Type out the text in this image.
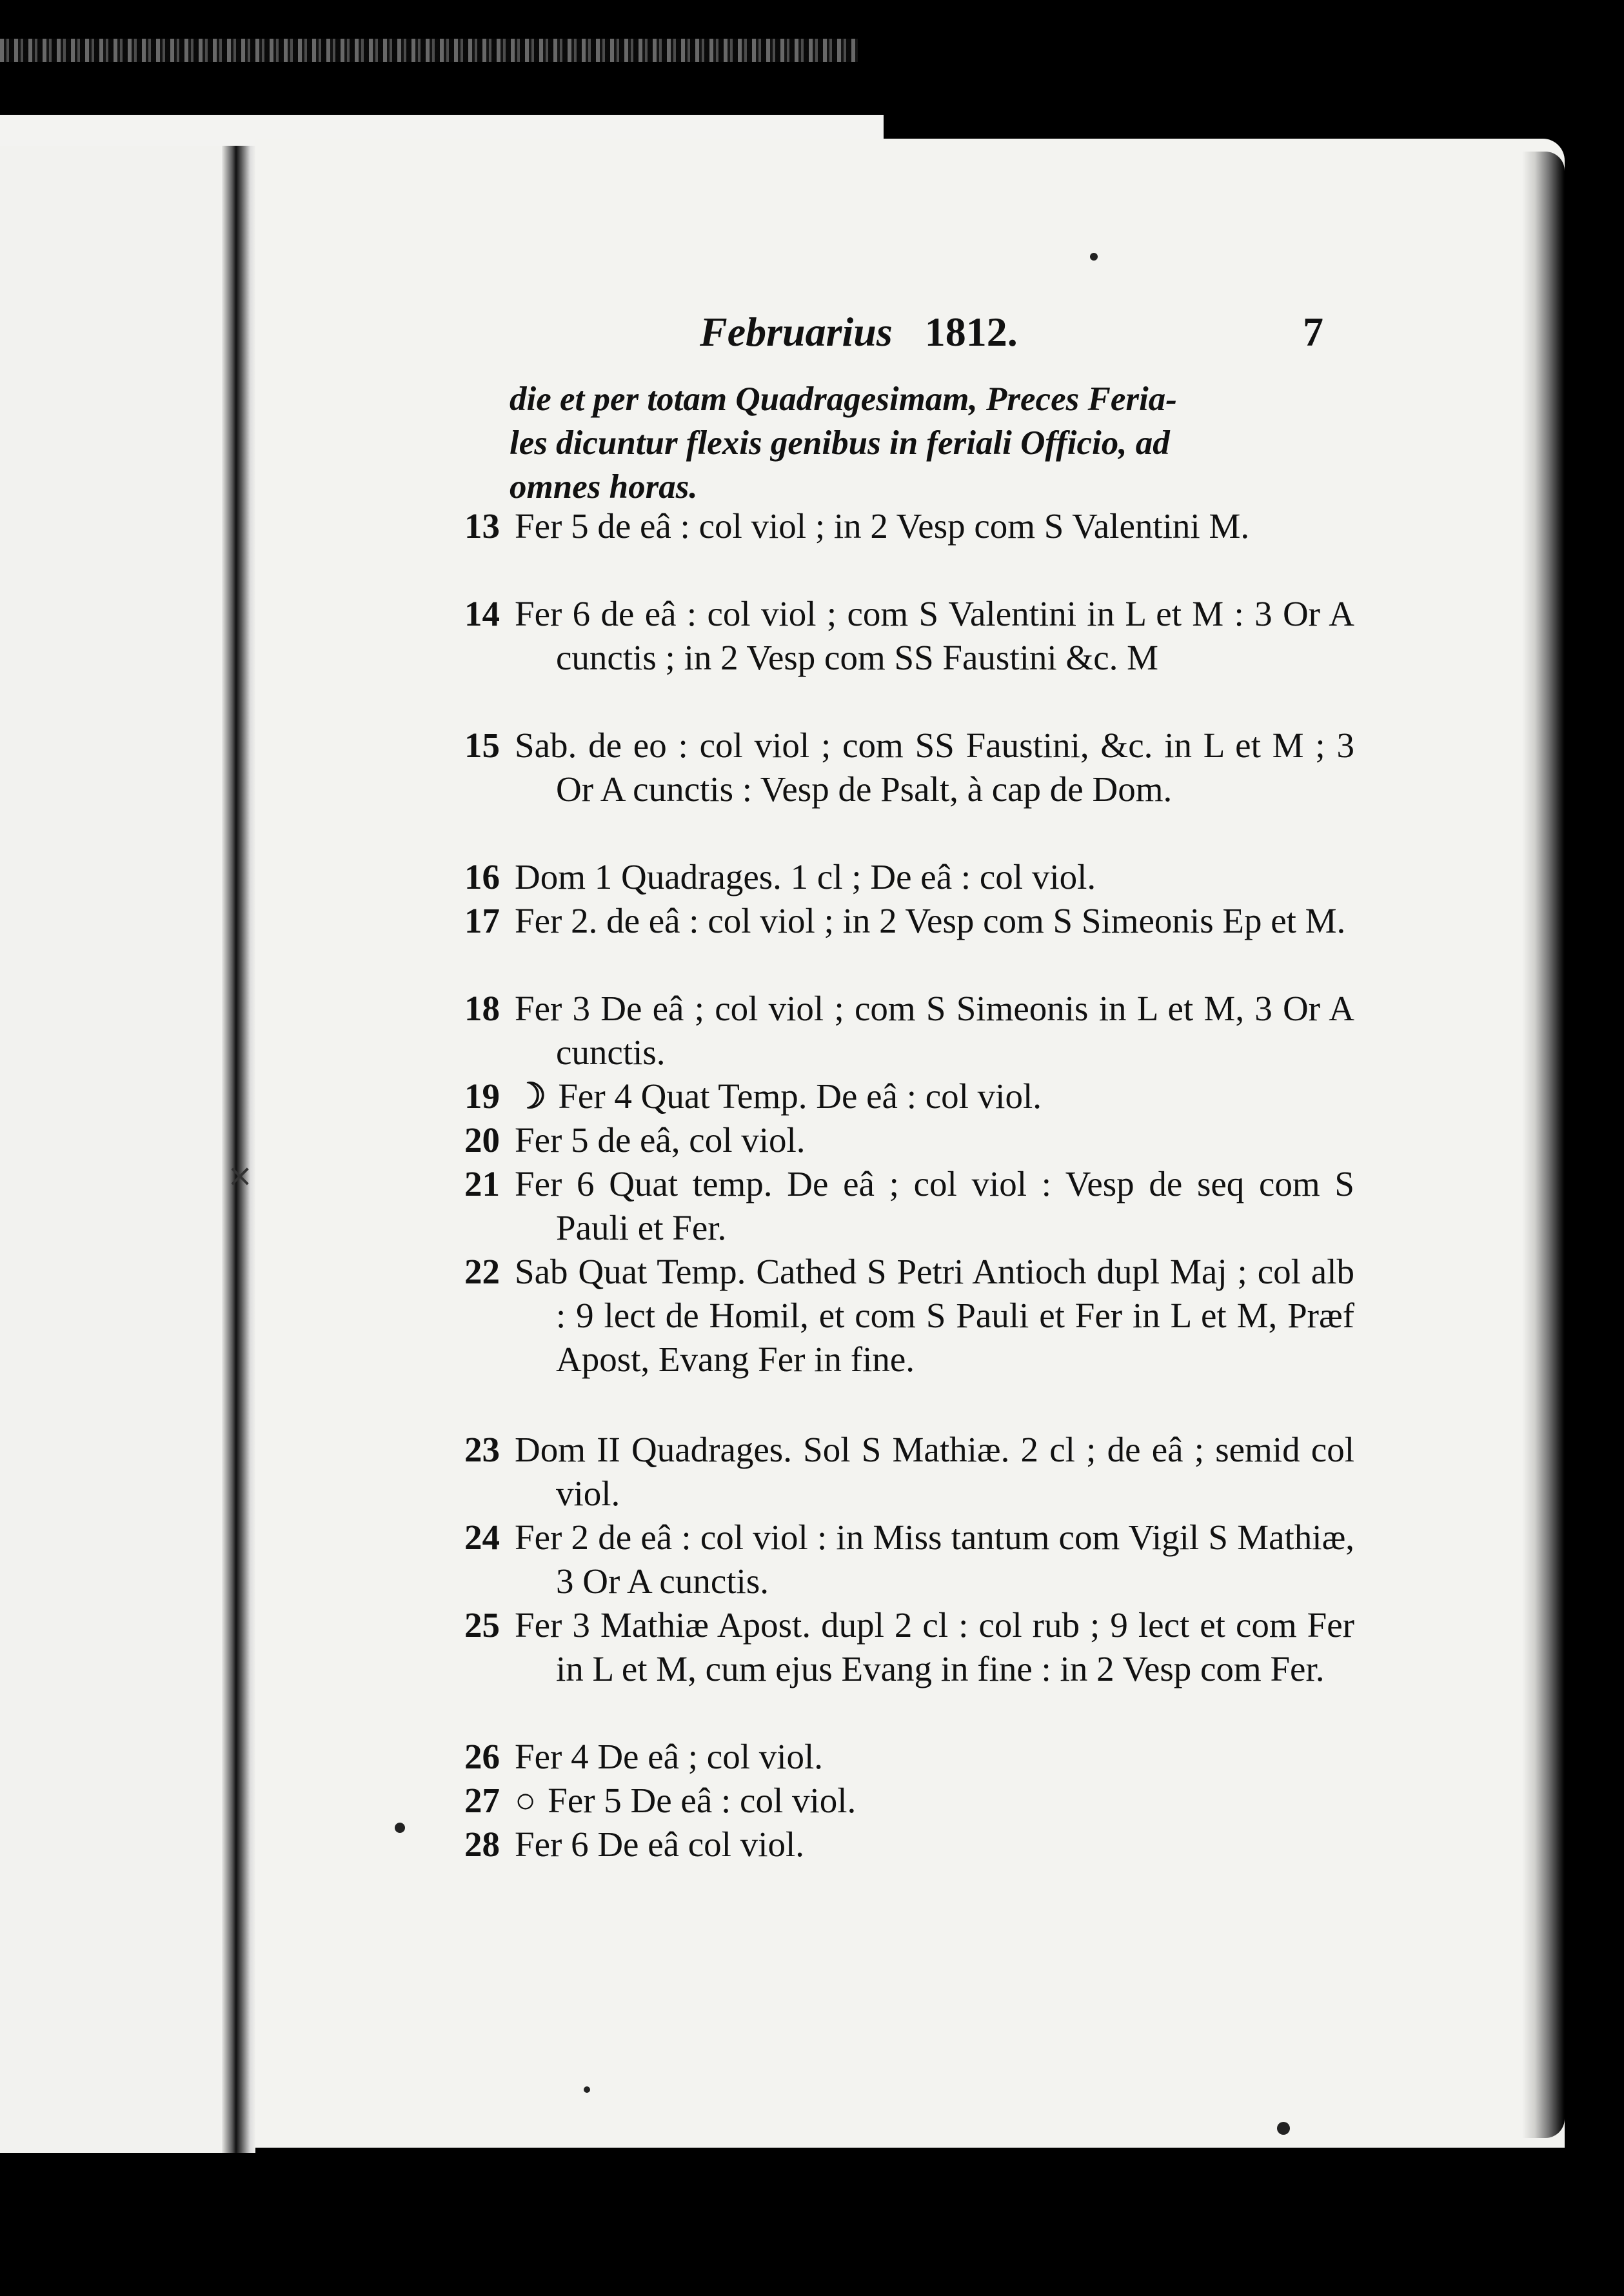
⨯
Februarius 1812.	7
die et per totam Quadragesimam, Preces Feria-
les dicuntur flexis genibus in feriali Officio, ad
omnes horas.
13 Fer 5 de eâ : col viol ; in 2 Vesp com S Valentini M.
14 Fer 6 de eâ : col viol ; com S Valentini in L et M : 3 Or A cunctis ; in 2 Vesp com SS Faustini &c. M
15 Sab. de eo : col viol ; com SS Faustini, &c. in L et M ; 3 Or A cunctis : Vesp de Psalt, à cap de Dom.
16 Dom 1 Quadrages. 1 cl ; De eâ : col viol.
17 Fer 2. de eâ : col viol ; in 2 Vesp com S Simeonis Ep et M.
18 Fer 3 De eâ ; col viol ; com S Simeonis in L et M, 3 Or A cunctis.
19 ☽ Fer 4 Quat Temp. De eâ : col viol.
20 Fer 5 de eâ, col viol.
21 Fer 6 Quat temp. De eâ ; col viol : Vesp de seq com S Pauli et Fer.
22 Sab Quat Temp. Cathed S Petri Antioch dupl Maj ; col alb : 9 lect de Homil, et com S Pauli et Fer in L et M, Præf Apost, Evang Fer in fine.
23 Dom II Quadrages. Sol S Mathiæ. 2 cl ; de eâ ; semid col viol.
24 Fer 2 de eâ : col viol : in Miss tantum com Vigil S Mathiæ, 3 Or A cunctis.
25 Fer 3 Mathiæ Apost. dupl 2 cl : col rub ; 9 lect et com Fer in L et M, cum ejus Evang in fine : in 2 Vesp com Fer.
26 Fer 4 De eâ ; col viol.
27 ○ Fer 5 De eâ : col viol.
28 Fer 6 De eâ col viol.
